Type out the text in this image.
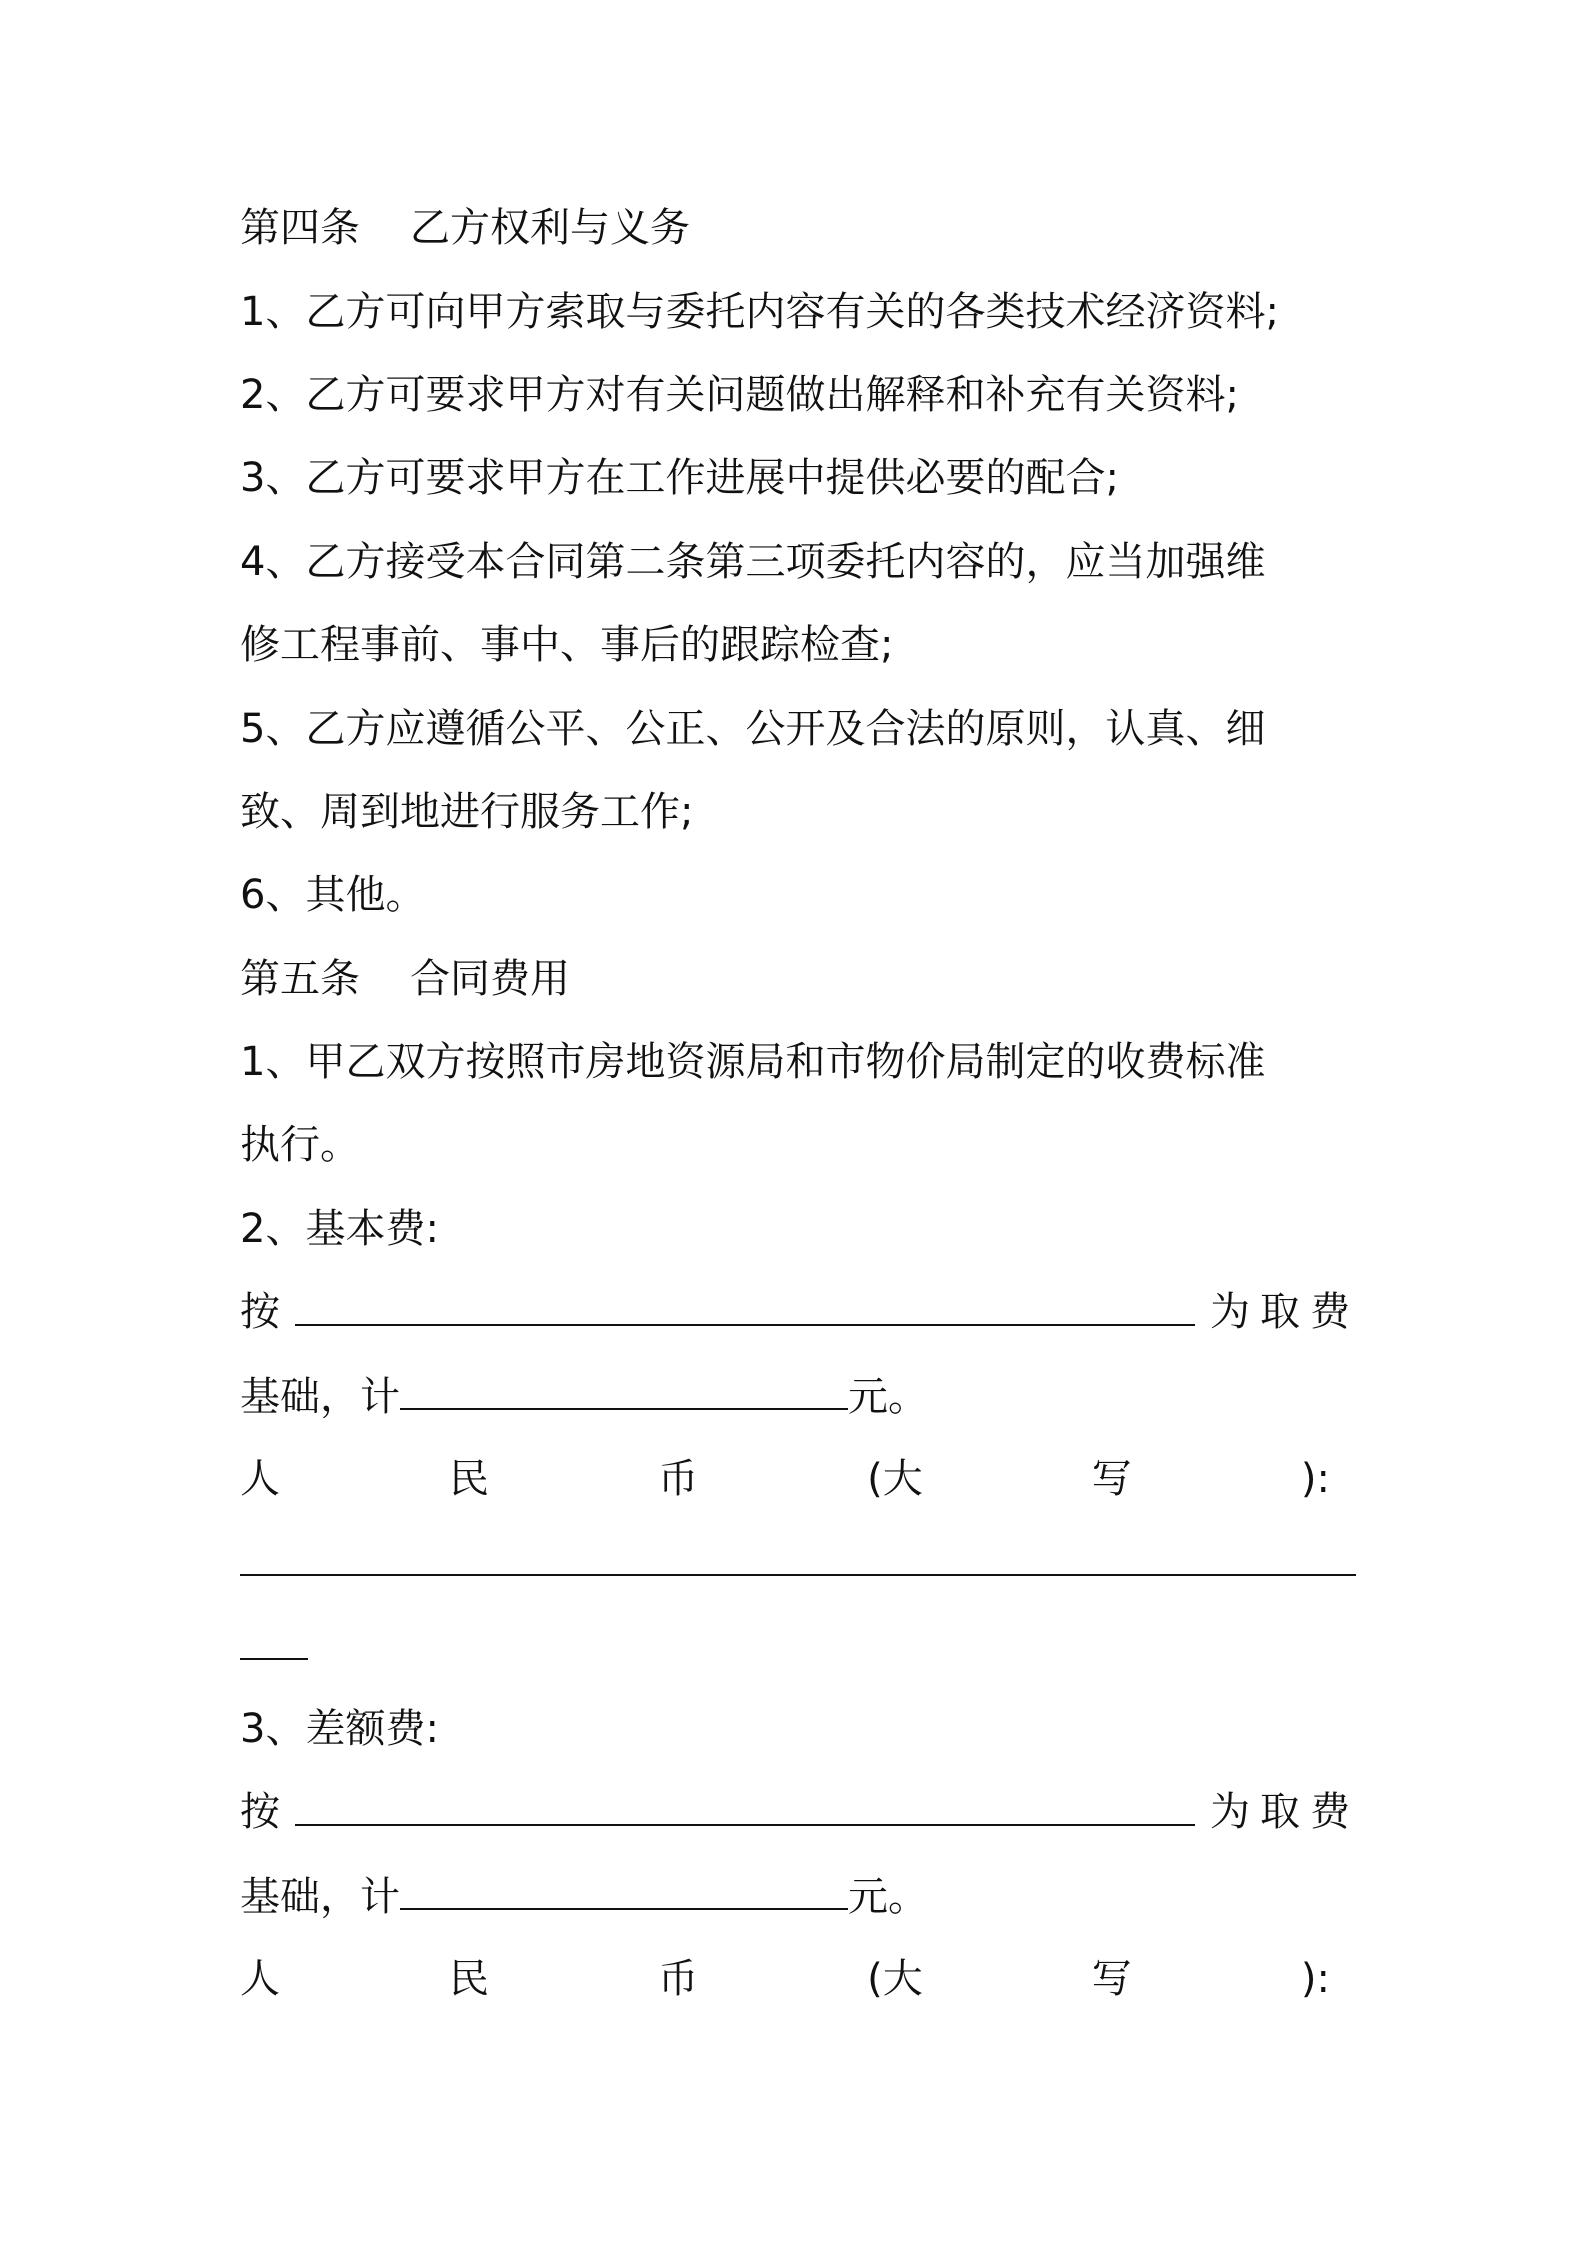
第四条 乙方权利与义务
1、乙方可向甲方索取与委托内容有关的各类技术经济资料;
2、乙方可要求甲方对有关问题做出解释和补充有关资料;
3、乙方可要求甲方在工作进展中提供必要的配合;
4、乙方接受本合同第二条第三项委托内容的，应当加强维
修工程事前、事中、事后的跟踪检查;
5、乙方应遵循公平、公正、公开及合法的原则，认真、细
致、周到地进行服务工作;
6、其他。
第五条 合同费用
1、甲乙双方按照市房地资源局和市物价局制定的收费标准
执行。
2、基本费:
按	为取费
基础，计	元。
人	民	币	(大	写	):
3、差额费:
按	为取费
基础，计	元。
人	民	币	(大	写	):
